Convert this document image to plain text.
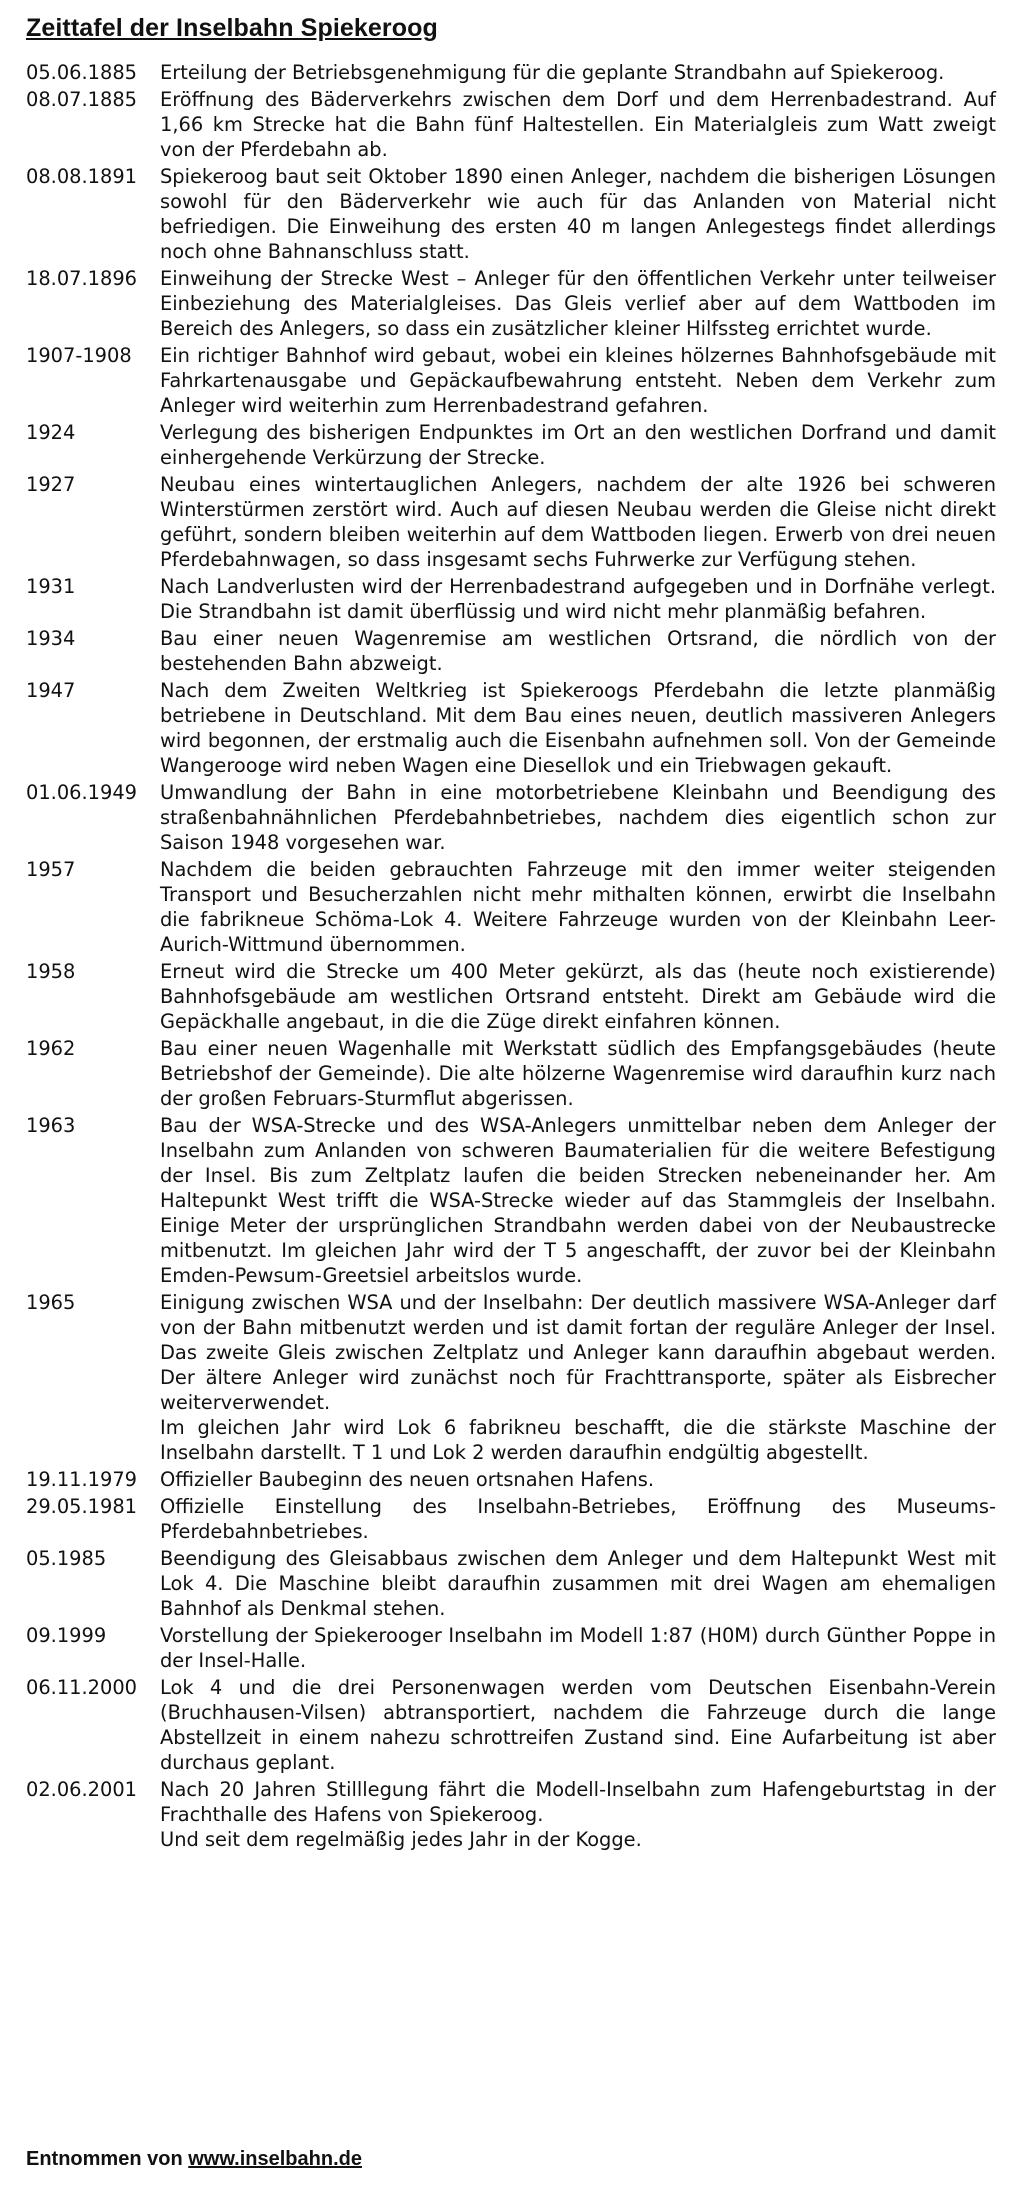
Zeittafel der Inselbahn Spiekeroog
05.06.1885	Erteilung der Betriebsgenehmigung für die geplante Strandbahn auf Spiekeroog.

08.07.1885	Eröffnung des Bäderverkehrs zwischen dem Dorf und dem Herrenbadestrand. Auf 1,66 km Strecke hat die Bahn fünf Haltestellen. Ein Materialgleis zum Watt zweigt von der Pferdebahn ab.

08.08.1891	Spiekeroog baut seit Oktober 1890 einen Anleger, nachdem die bisherigen Lösungen sowohl für den Bäderverkehr wie auch für das Anlanden von Material nicht befriedigen. Die Einweihung des ersten 40 m langen Anlegestegs findet allerdings noch ohne Bahnanschluss statt.

18.07.1896	Einweihung der Strecke West – Anleger für den öffentlichen Verkehr unter teilweiser Einbeziehung des Materialgleises. Das Gleis verlief aber auf dem Wattboden im Bereich des Anlegers, so dass ein zusätzlicher kleiner Hilfssteg errichtet wurde.

1907-1908	Ein richtiger Bahnhof wird gebaut, wobei ein kleines hölzernes Bahnhofsgebäude mit Fahrkartenausgabe und Gepäckaufbewahrung entsteht. Neben dem Verkehr zum Anleger wird weiterhin zum Herrenbadestrand gefahren.

1924	Verlegung des bisherigen Endpunktes im Ort an den westlichen Dorfrand und damit einhergehende Verkürzung der Strecke.

1927	Neubau eines wintertauglichen Anlegers, nachdem der alte 1926 bei schweren Winterstürmen zerstört wird. Auch auf diesen Neubau werden die Gleise nicht direkt geführt, sondern bleiben weiterhin auf dem Wattboden liegen. Erwerb von drei neuen Pferdebahnwagen, so dass insgesamt sechs Fuhrwerke zur Verfügung stehen.

1931	Nach Landverlusten wird der Herrenbadestrand aufgegeben und in Dorfnähe verlegt. Die Strandbahn ist damit überflüssig und wird nicht mehr planmäßig befahren.

1934	Bau einer neuen Wagenremise am westlichen Ortsrand, die nördlich von der bestehenden Bahn abzweigt.

1947	Nach dem Zweiten Weltkrieg ist Spiekeroogs Pferdebahn die letzte planmäßig betriebene in Deutschland. Mit dem Bau eines neuen, deutlich massiveren Anlegers wird begonnen, der erstmalig auch die Eisenbahn aufnehmen soll. Von der Gemeinde Wangerooge wird neben Wagen eine Diesellok und ein Triebwagen gekauft.

01.06.1949	Umwandlung der Bahn in eine motorbetriebene Kleinbahn und Beendigung des straßenbahnähnlichen Pferdebahnbetriebes, nachdem dies eigentlich schon zur Saison 1948 vorgesehen war.

1957	Nachdem die beiden gebrauchten Fahrzeuge mit den immer weiter steigenden Transport und Besucherzahlen nicht mehr mithalten können, erwirbt die Inselbahn die fabrikneue Schöma-Lok 4. Weitere Fahrzeuge wurden von der Kleinbahn Leer-Aurich-Wittmund übernommen.

1958	Erneut wird die Strecke um 400 Meter gekürzt, als das (heute noch existierende) Bahnhofsgebäude am westlichen Ortsrand entsteht. Direkt am Gebäude wird die Gepäckhalle angebaut, in die die Züge direkt einfahren können.

1962	Bau einer neuen Wagenhalle mit Werkstatt südlich des Empfangsgebäudes (heute Betriebshof der Gemeinde). Die alte hölzerne Wagenremise wird daraufhin kurz nach der großen Februars-Sturmflut abgerissen.

1963	Bau der WSA-Strecke und des WSA-Anlegers unmittelbar neben dem Anleger der Inselbahn zum Anlanden von schweren Baumaterialien für die weitere Befestigung der Insel. Bis zum Zeltplatz laufen die beiden Strecken nebeneinander her. Am Haltepunkt West trifft die WSA-Strecke wieder auf das Stammgleis der Inselbahn. Einige Meter der ursprünglichen Strandbahn werden dabei von der Neubaustrecke mitbenutzt. Im gleichen Jahr wird der T 5 angeschafft, der zuvor bei der Kleinbahn Emden-Pewsum-Greetsiel arbeitslos wurde.

1965	Einigung zwischen WSA und der Inselbahn: Der deutlich massivere WSA-Anleger darf von der Bahn mitbenutzt werden und ist damit fortan der reguläre Anleger der Insel. Das zweite Gleis zwischen Zeltplatz und Anleger kann daraufhin abgebaut werden. Der ältere Anleger wird zunächst noch für Frachttransporte, später als Eisbrecher weiterverwendet.
Im gleichen Jahr wird Lok 6 fabrikneu beschafft, die die stärkste Maschine der Inselbahn darstellt. T 1 und Lok 2 werden daraufhin endgültig abgestellt.

19.11.1979	Offizieller Baubeginn des neuen ortsnahen Hafens.

29.05.1981	Offizielle Einstellung des Inselbahn-Betriebes, Eröffnung des Museums-Pferdebahnbetriebes.

05.1985	Beendigung des Gleisabbaus zwischen dem Anleger und dem Haltepunkt West mit Lok 4. Die Maschine bleibt daraufhin zusammen mit drei Wagen am ehemaligen Bahnhof als Denkmal stehen.

09.1999	Vorstellung der Spiekerooger Inselbahn im Modell 1:87 (H0M) durch Günther Poppe in der Insel-Halle.

06.11.2000	Lok 4 und die drei Personenwagen werden vom Deutschen Eisenbahn-Verein (Bruchhausen-Vilsen) abtransportiert, nachdem die Fahrzeuge durch die lange Abstellzeit in einem nahezu schrottreifen Zustand sind. Eine Aufarbeitung ist aber durchaus geplant.

02.06.2001	Nach 20 Jahren Stilllegung fährt die Modell-Inselbahn zum Hafengeburtstag in der Frachthalle des Hafens von Spiekeroog.
Und seit dem regelmäßig jedes Jahr in der Kogge.
Entnommen von www.inselbahn.de
